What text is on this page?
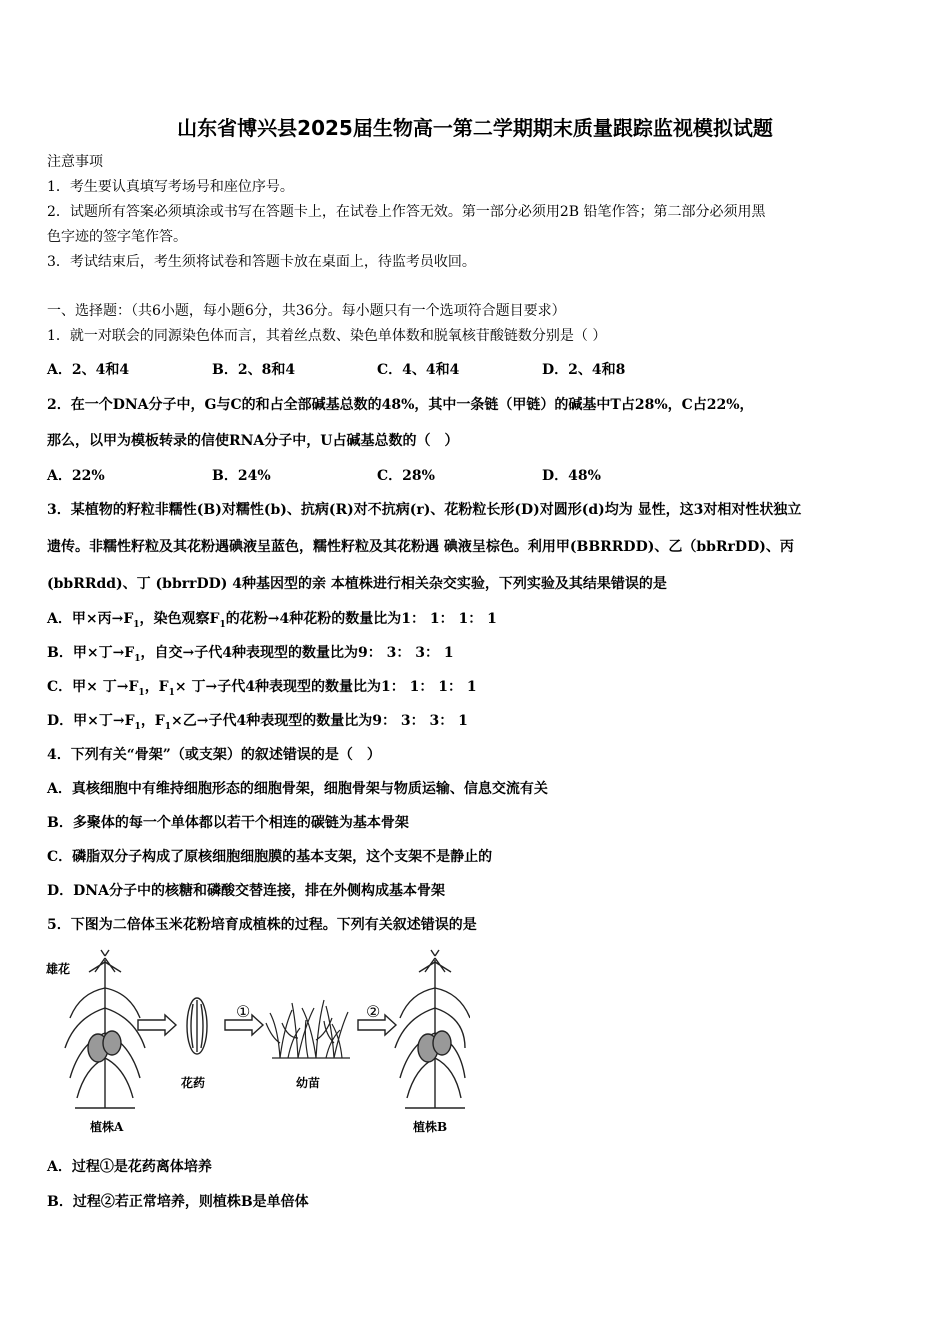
山东省博兴县2025届生物高一第二学期期末质量跟踪监视模拟试题
注意事项
1．考生要认真填写考场号和座位序号。
2．试题所有答案必须填涂或书写在答题卡上，在试卷上作答无效。第一部分必须用2B 铅笔作答；第二部分必须用黑
色字迹的签字笔作答。
3．考试结束后，考生须将试卷和答题卡放在桌面上，待监考员收回。
一、选择题：（共6小题，每小题6分，共36分。每小题只有一个选项符合题目要求）
1．就一对联会的同源染色体而言，其着丝点数、染色单体数和脱氧核苷酸链数分别是（ ）
A．2、4和4	B．2、8和4	C．4、4和4	D．2、4和8
2．在一个DNA分子中，G与C的和占全部碱基总数的48%，其中一条链（甲链）的碱基中T占28%，C占22%，
那么，以甲为模板转录的信使RNA分子中，U占碱基总数的（　）
A．22%	B．24%	C．28%	D．48%
3．某植物的籽粒非糯性(B)对糯性(b)、抗病(R)对不抗病(r)、花粉粒长形(D)对圆形(d)均为 显性，这3对相对性状独立
遗传。非糯性籽粒及其花粉遇碘液呈蓝色，糯性籽粒及其花粉遇 碘液呈棕色。利用甲(BBRRDD)、乙（bbRrDD)、丙
(bbRRdd)、丁 (bbrrDD) 4种基因型的亲 本植株进行相关杂交实验，下列实验及其结果错误的是
A．甲×丙$\to F_1$，染色观察$F_1$的花粉→4种花粉的数量比为1： 1： 1： 1
B．甲×丁$\to F_1$，自交→子代4种表现型的数量比为9： 3： 3： 1
C．甲× 丁$\to F_1$，$F_1\times$ 丁→子代4种表现型的数量比为1： 1： 1： 1
D．甲×丁$\to F_1$，$F_1\times$乙→子代4种表现型的数量比为9： 3： 3： 1
4．下列有关“骨架”（或支架）的叙述错误的是（　）
A．真核细胞中有维持细胞形态的细胞骨架，细胞骨架与物质运输、信息交流有关
B．多聚体的每一个单体都以若干个相连的碳链为基本骨架
C．磷脂双分子构成了原核细胞细胞膜的基本支架，这个支架不是静止的
D．DNA分子中的核糖和磷酸交替连接，排在外侧构成基本骨架
5．下图为二倍体玉米花粉培育成植株的过程。下列有关叙述错误的是
雄花
①	②
花药	幼苗
植株A	植株B
A．过程①是花药离体培养
B．过程②若正常培养，则植株B是单倍体
